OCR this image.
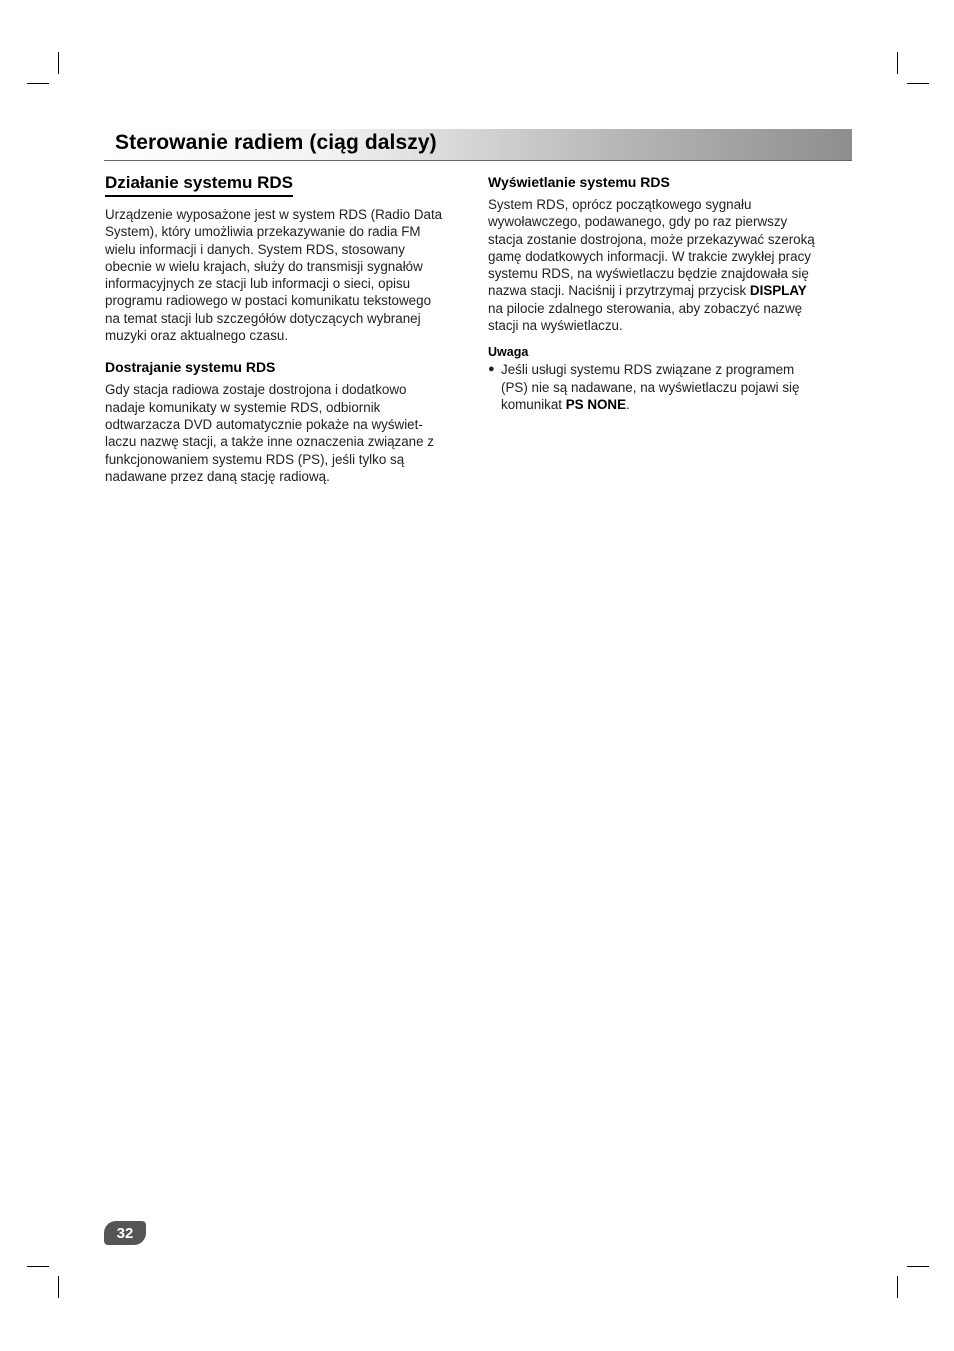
Sterowanie radiem (ciąg dalszy)
Działanie systemu RDS
Urządzenie wyposażone jest w system RDS (Radio Data
System), który umożliwia przekazywanie do radia FM
wielu informacji i danych. System RDS, stosowany
obecnie w wielu krajach, służy do transmisji sygnałów
informacyjnych ze stacji lub informacji o sieci, opisu
programu radiowego w postaci komunikatu tekstowego
na temat stacji lub szczegółów dotyczących wybranej
muzyki oraz aktualnego czasu.
Dostrajanie systemu RDS
Gdy stacja radiowa zostaje dostrojona i dodatkowo
nadaje komunikaty w systemie RDS, odbiornik
odtwarzacza DVD automatycznie pokaże na wyświet-
laczu nazwę stacji, a także inne oznaczenia związane z
funkcjonowaniem systemu RDS (PS), jeśli tylko są
nadawane przez daną stację radiową.
Wyświetlanie systemu RDS
System RDS, oprócz początkowego sygnału
wywoławczego, podawanego, gdy po raz pierwszy
stacja zostanie dostrojona, może przekazywać szeroką
gamę dodatkowych informacji. W trakcie zwykłej pracy
systemu RDS, na wyświetlaczu będzie znajdowała się
nazwa stacji. Naciśnij i przytrzymaj przycisk DISPLAY
na pilocie zdalnego sterowania, aby zobaczyć nazwę
stacji na wyświetlaczu.
Uwaga
● Jeśli usługi systemu RDS związane z programem
(PS) nie są nadawane, na wyświetlaczu pojawi się
komunikat PS NONE.
32
